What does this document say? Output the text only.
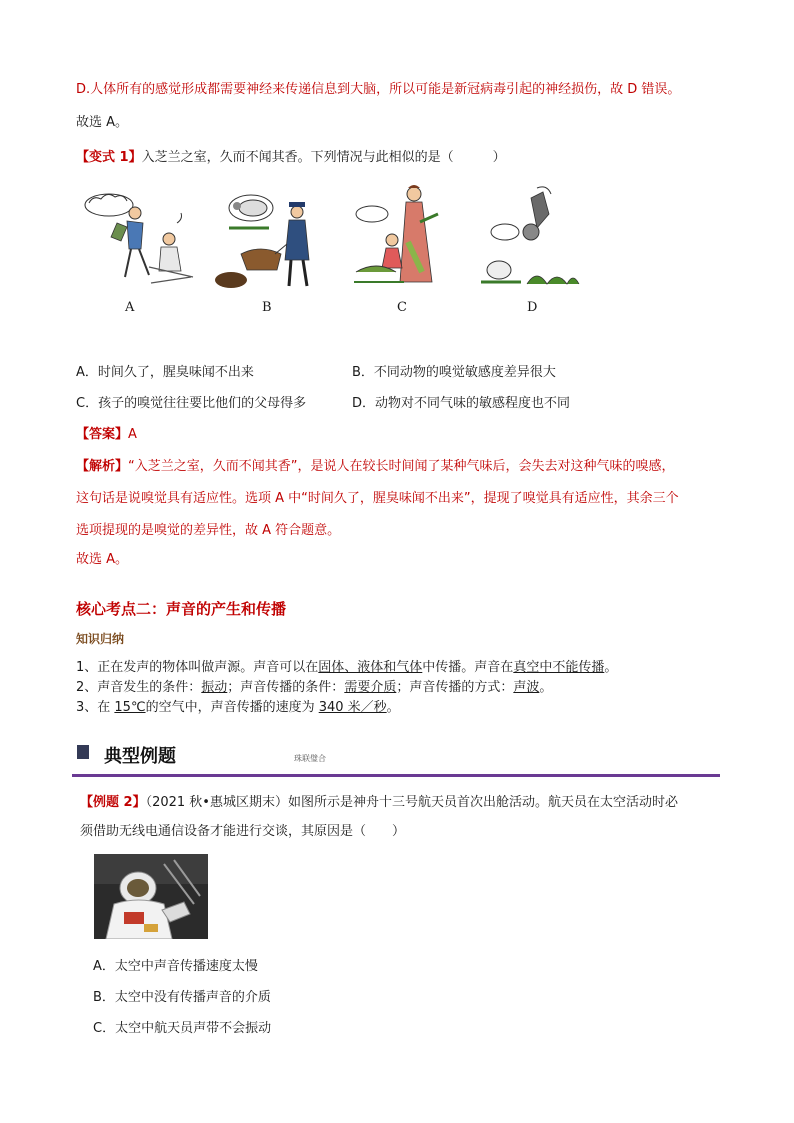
D.人体所有的感觉形成都需要神经来传递信息到大脑，所以可能是新冠病毒引起的神经损伤，故 D 错误。
故选 A。
【变式 1】入芝兰之室，久而不闻其香。下列情况与此相似的是（　　　）
A	B	C	D
A．时间久了，腥臭味闻不出来	B．不同动物的嗅觉敏感度差异很大
C．孩子的嗅觉往往要比他们的父母得多	D．动物对不同气味的敏感程度也不同
【答案】A
【解析】“入芝兰之室，久而不闻其香”，是说人在较长时间闻了某种气味后，会失去对这种气味的嗅感，
这句话是说嗅觉具有适应性。选项 A 中“时间久了，腥臭味闻不出来”，提现了嗅觉具有适应性，其余三个
选项提现的是嗅觉的差异性，故 A 符合题意。
故选 A。
核心考点二：声音的产生和传播
知识归纳
1、正在发声的物体叫做声源。声音可以在固体、液体和气体中传播。声音在真空中不能传播。
2、声音发生的条件：振动；声音传播的条件：需要介质；声音传播的方式：声波。
3、在 15℃的空气中，声音传播的速度为 340 米／秒。
典型例题	珠联璧合
【例题 2】（2021 秋•惠城区期末）如图所示是神舟十三号航天员首次出舱活动。航天员在太空活动时必
须借助无线电通信设备才能进行交谈，其原因是（　　）
A．太空中声音传播速度太慢
B．太空中没有传播声音的介质
C．太空中航天员声带不会振动
